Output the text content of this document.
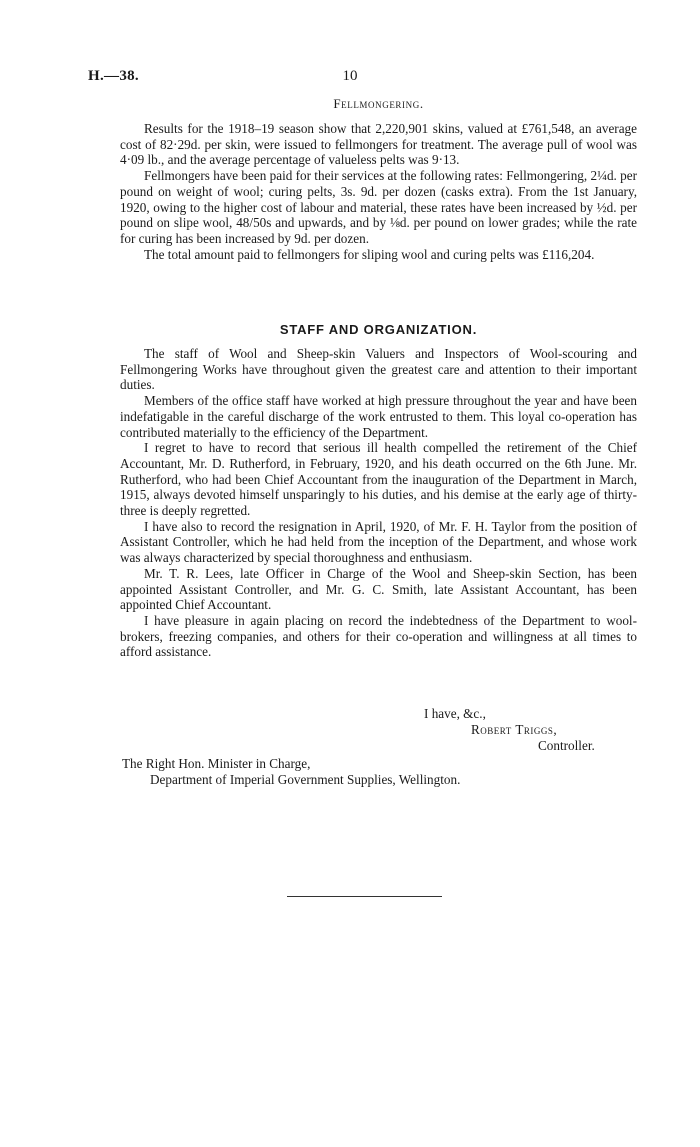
H.—38.	10

Fellmongering.

Results for the 1918–19 season show that 2,220,901 skins, valued at £761,548, an average cost of 82·29d. per skin, were issued to fellmongers for treatment. The average pull of wool was 4·09 lb., and the average percentage of valueless pelts was 9·13.

Fellmongers have been paid for their services at the following rates: Fellmongering, 2¼d. per pound on weight of wool; curing pelts, 3s. 9d. per dozen (casks extra). From the 1st January, 1920, owing to the higher cost of labour and material, these rates have been increased by ½d. per pound on slipe wool, 48/50s and upwards, and by ⅛d. per pound on lower grades; while the rate for curing has been increased by 9d. per dozen.

The total amount paid to fellmongers for sliping wool and curing pelts was £116,204.

STAFF AND ORGANIZATION.

The staff of Wool and Sheep-skin Valuers and Inspectors of Wool-scouring and Fellmongering Works have throughout given the greatest care and attention to their important duties.

Members of the office staff have worked at high pressure throughout the year and have been indefatigable in the careful discharge of the work entrusted to them. This loyal co-operation has contributed materially to the efficiency of the Department.

I regret to have to record that serious ill health compelled the retirement of the Chief Accountant, Mr. D. Rutherford, in February, 1920, and his death occurred on the 6th June. Mr. Rutherford, who had been Chief Accountant from the inauguration of the Department in March, 1915, always devoted himself unsparingly to his duties, and his demise at the early age of thirty-three is deeply regretted.

I have also to record the resignation in April, 1920, of Mr. F. H. Taylor from the position of Assistant Controller, which he had held from the inception of the Department, and whose work was always characterized by special thoroughness and enthusiasm.

Mr. T. R. Lees, late Officer in Charge of the Wool and Sheep-skin Section, has been appointed Assistant Controller, and Mr. G. C. Smith, late Assistant Accountant, has been appointed Chief Accountant.

I have pleasure in again placing on record the indebtedness of the Department to wool-brokers, freezing companies, and others for their co-operation and willingness at all times to afford assistance.

I have, &c.,
Robert Triggs,
Controller.
The Right Hon. Minister in Charge,
Department of Imperial Government Supplies, Wellington.
